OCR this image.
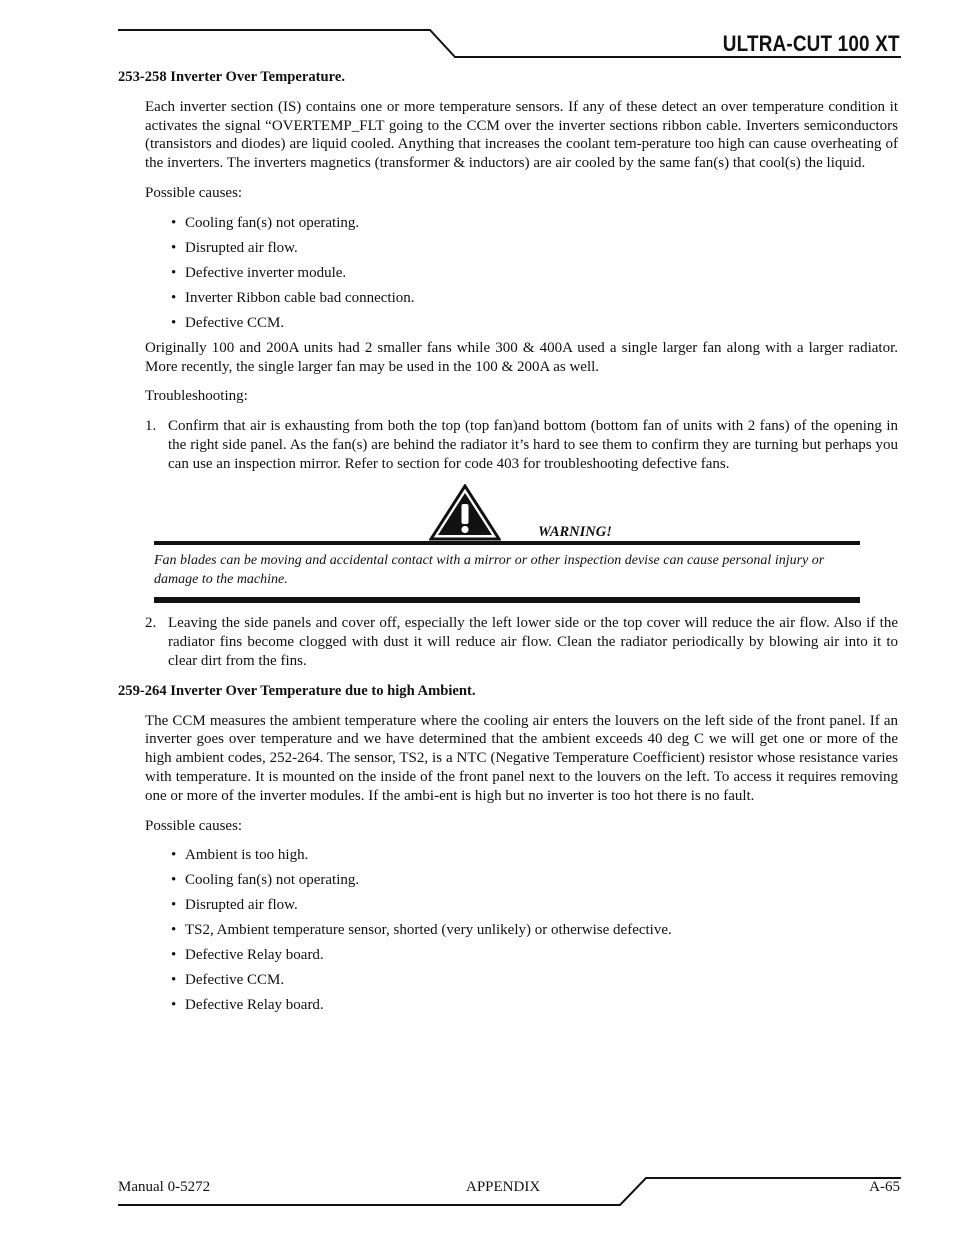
ULTRA-CUT 100 XT
253-258 Inverter Over Temperature.

Each inverter section (IS) contains one or more temperature sensors. If any of these detect an over temperature condition it activates the signal “OVERTEMP_FLT going to the CCM over the inverter sections ribbon cable. Inverters semiconductors (transistors and diodes) are liquid cooled. Anything that increases the coolant tem-perature too high can cause overheating of the inverters. The inverters magnetics (transformer & inductors) are air cooled by the same fan(s) that cool(s) the liquid.

Possible causes:

• Cooling fan(s) not operating.
• Disrupted air flow.
• Defective inverter module.
• Inverter Ribbon cable bad connection.
• Defective CCM.

Originally 100 and 200A units had 2 smaller fans while 300 & 400A used a single larger fan along with a larger radiator. More recently, the single larger fan may be used in the 100 & 200A as well.

Troubleshooting:

1. Confirm that air is exhausting from both the top (top fan)and bottom (bottom fan of units with 2 fans) of the opening in the right side panel. As the fan(s) are behind the radiator it’s hard to see them to confirm they are turning but perhaps you can use an inspection mirror. Refer to section for code 403 for troubleshooting defective fans.
WARNING!

Fan blades can be moving and accidental contact with a mirror or other inspection devise can cause personal injury or damage to the machine.

2. Leaving the side panels and cover off, especially the left lower side or the top cover will reduce the air flow. Also if the radiator fins become clogged with dust it will reduce air flow. Clean the radiator periodically by blowing air into it to clear dirt from the fins.
259-264 Inverter Over Temperature due to high Ambient.

The CCM measures the ambient temperature where the cooling air enters the louvers on the left side of the front panel. If an inverter goes over temperature and we have determined that the ambient exceeds 40 deg C we will get one or more of the high ambient codes, 252-264. The sensor, TS2, is a NTC (Negative Temperature Coefficient) resistor whose resistance varies with temperature. It is mounted on the inside of the front panel next to the louvers on the left. To access it requires removing one or more of the inverter modules. If the ambi-ent is high but no inverter is too hot there is no fault.

Possible causes:

• Ambient is too high.
• Cooling fan(s) not operating.
• Disrupted air flow.
• TS2, Ambient temperature sensor, shorted (very unlikely) or otherwise defective.
• Defective Relay board.
• Defective CCM.
• Defective Relay board.
Manual 0-5272	APPENDIX	A-65
